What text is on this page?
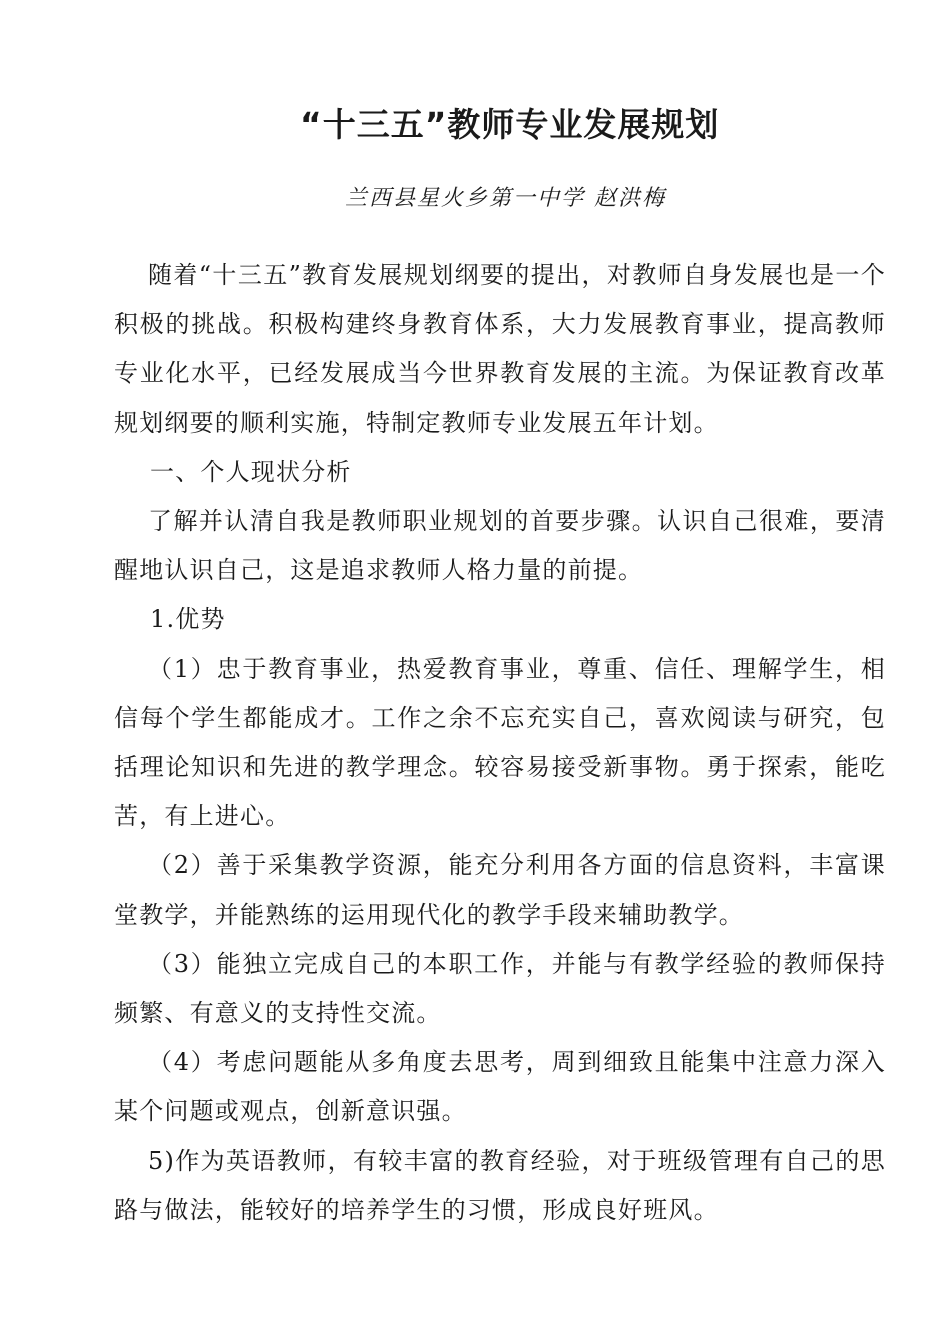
“十三五”教师专业发展规划
兰西县星火乡第一中学 赵洪梅

随着“十三五”教育发展规划纲要的提出，对教师自身发展也是一个积极的挑战。积极构建终身教育体系，大力发展教育事业，提高教师专业化水平，已经发展成当今世界教育发展的主流。为保证教育改革规划纲要的顺利实施，特制定教师专业发展五年计划。

一、个人现状分析

了解并认清自我是教师职业规划的首要步骤。认识自己很难，要清醒地认识自己，这是追求教师人格力量的前提。

1.优势

（1）忠于教育事业，热爱教育事业，尊重、信任、理解学生，相信每个学生都能成才。工作之余不忘充实自己，喜欢阅读与研究，包括理论知识和先进的教学理念。较容易接受新事物。勇于探索，能吃苦，有上进心。

（2）善于采集教学资源，能充分利用各方面的信息资料，丰富课堂教学，并能熟练的运用现代化的教学手段来辅助教学。

（3）能独立完成自己的本职工作，并能与有教学经验的教师保持频繁、有意义的支持性交流。

（4）考虑问题能从多角度去思考，周到细致且能集中注意力深入某个问题或观点，创新意识强。

5)作为英语教师，有较丰富的教育经验，对于班级管理有自己的思路与做法，能较好的培养学生的习惯，形成良好班风。
